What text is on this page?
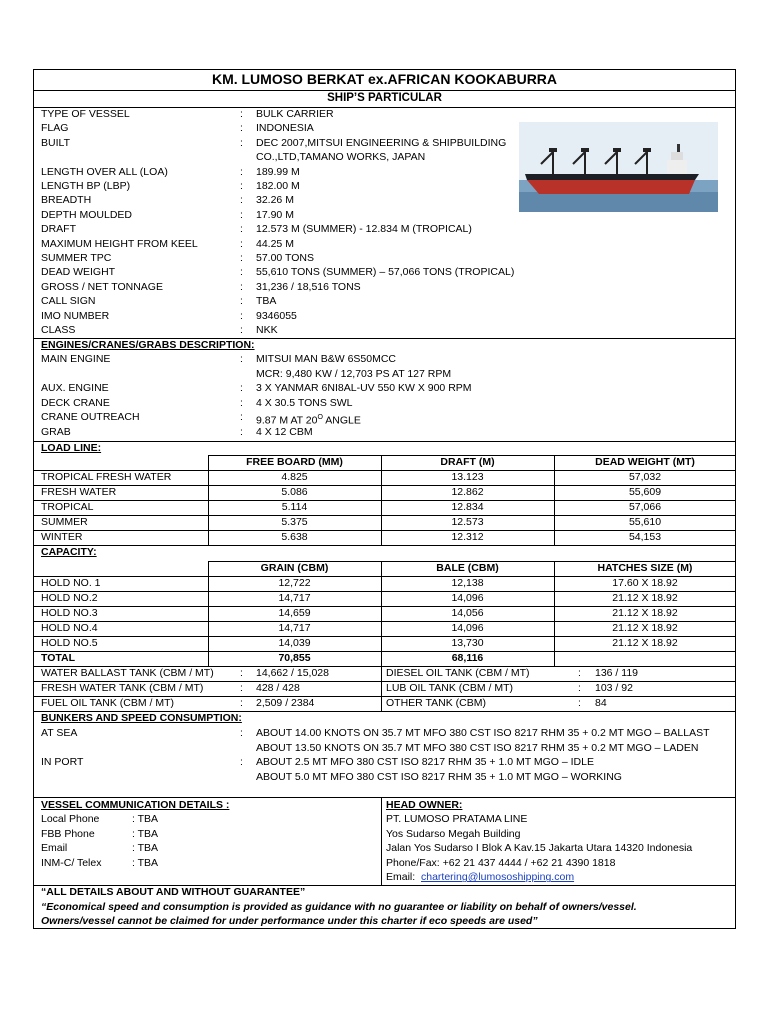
KM. LUMOSO BERKAT ex.AFRICAN KOOKABURRA
SHIP’S PARTICULAR
TYPE OF VESSEL	: BULK CARRIER
FLAG	: INDONESIA
BUILT	: DEC 2007,MITSUI ENGINEERING & SHIPBUILDING
CO.,LTD,TAMANO WORKS, JAPAN
LENGTH OVER ALL (LOA)	: 189.99 M
LENGTH BP (LBP)	: 182.00 M
BREADTH	: 32.26 M
DEPTH MOULDED	: 17.90 M
DRAFT	: 12.573 M (SUMMER) - 12.834 M (TROPICAL)
MAXIMUM HEIGHT FROM KEEL	: 44.25 M
SUMMER TPC	: 57.00 TONS
DEAD WEIGHT	: 55,610 TONS (SUMMER) – 57,066 TONS (TROPICAL)
GROSS / NET TONNAGE	: 31,236 / 18,516 TONS
CALL SIGN	: TBA
IMO NUMBER	: 9346055
CLASS	: NKK
ENGINES/CRANES/GRABS DESCRIPTION:
MAIN ENGINE	: MITSUI MAN B&W 6S50MCC
MCR: 9,480 KW / 12,703 PS AT 127 RPM
AUX. ENGINE	: 3 X YANMAR 6NI8AL-UV 550 KW X 900 RPM
DECK CRANE	: 4 X 30.5 TONS SWL
CRANE OUTREACH	: 9.87 M AT $20^O$ ANGLE
GRAB	: 4 X 12 CBM
LOAD LINE:
FREE BOARD (MM)	DRAFT (M)	DEAD WEIGHT (MT)
TROPICAL FRESH WATER	4.825	13.123	57,032
FRESH WATER	5.086	12.862	55,609
TROPICAL	5.114	12.834	57,066
SUMMER	5.375	12.573	55,610
WINTER	5.638	12.312	54,153
CAPACITY:
GRAIN (CBM)	BALE (CBM)	HATCHES SIZE (M)
HOLD NO. 1	12,722	12,138	17.60 X 18.92
HOLD NO.2	14,717	14,096	21.12 X 18.92
HOLD NO.3	14,659	14,056	21.12 X 18.92
HOLD NO.4	14,717	14,096	21.12 X 18.92
HOLD NO.5	14,039	13,730	21.12 X 18.92
TOTAL	70,855	68,116
WATER BALLAST TANK (CBM / MT)	: 14,662 / 15,028	DIESEL OIL TANK (CBM / MT)	: 136 / 119
FRESH WATER TANK (CBM / MT)	: 428 / 428	LUB OIL TANK (CBM / MT)	: 103 / 92
FUEL OIL TANK (CBM / MT)	: 2,509 / 2384	OTHER TANK (CBM)	: 84
BUNKERS AND SPEED CONSUMPTION:
AT SEA	: ABOUT 14.00 KNOTS ON 35.7 MT MFO 380 CST ISO 8217 RHM 35 + 0.2 MT MGO – BALLAST
ABOUT 13.50 KNOTS ON 35.7 MT MFO 380 CST ISO 8217 RHM 35 + 0.2 MT MGO – LADEN
IN PORT	: ABOUT 2.5 MT MFO 380 CST ISO 8217 RHM 35 + 1.0 MT MGO – IDLE
ABOUT 5.0 MT MFO 380 CST ISO 8217 RHM 35 + 1.0 MT MGO – WORKING
VESSEL COMMUNICATION DETAILS :
Local Phone	: TBA
FBB Phone	: TBA
Email	: TBA
INM-C/ Telex	: TBA
HEAD OWNER:
PT. LUMOSO PRATAMA LINE
Yos Sudarso Megah Building
Jalan Yos Sudarso I Blok A Kav.15 Jakarta Utara 14320 Indonesia
Phone/Fax: +62 21 437 4444 / +62 21 4390 1818
Email: chartering@lumososhipping.com
“ALL DETAILS ABOUT AND WITHOUT GUARANTEE”
“Economical speed and consumption is provided as guidance with no guarantee or liability on behalf of owners/vessel.
Owners/vessel cannot be claimed for under performance under this charter if eco speeds are used”
